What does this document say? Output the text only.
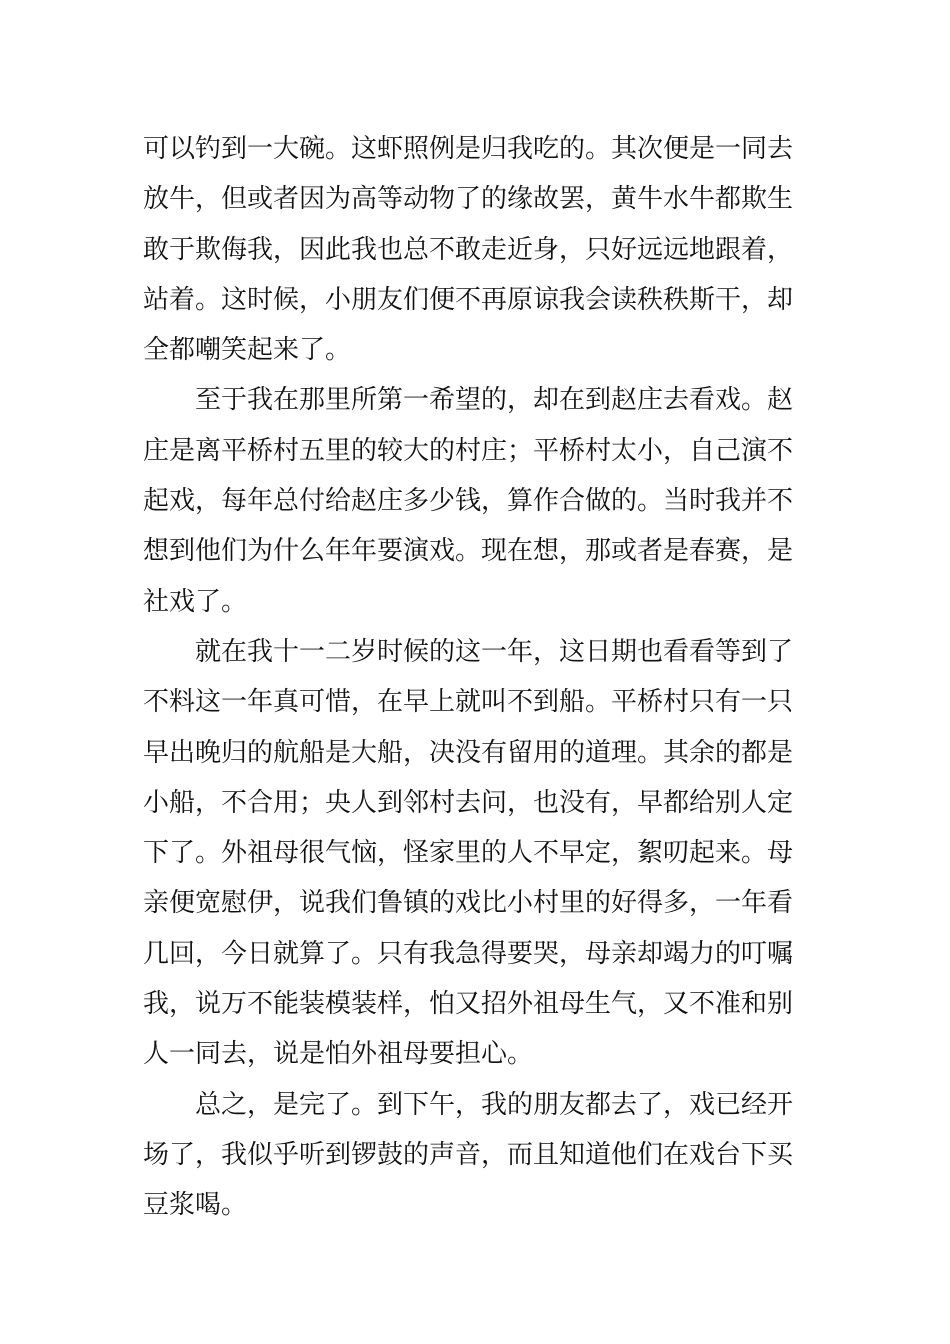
可以钓到一大碗。这虾照例是归我吃的。其次便是一同去
放牛，但或者因为高等动物了的缘故罢，黄牛水牛都欺生
敢于欺侮我，因此我也总不敢走近身，只好远远地跟着，
站着。这时候，小朋友们便不再原谅我会读秩秩斯干，却
全都嘲笑起来了。
至于我在那里所第一希望的，却在到赵庄去看戏。赵
庄是离平桥村五里的较大的村庄；平桥村太小，自己演不
起戏，每年总付给赵庄多少钱，算作合做的。当时我并不
想到他们为什么年年要演戏。现在想，那或者是春赛，是
社戏了。
就在我十一二岁时候的这一年，这日期也看看等到了
不料这一年真可惜，在早上就叫不到船。平桥村只有一只
早出晚归的航船是大船，决没有留用的道理。其余的都是
小船，不合用；央人到邻村去问，也没有，早都给别人定
下了。外祖母很气恼，怪家里的人不早定，絮叨起来。母
亲便宽慰伊，说我们鲁镇的戏比小村里的好得多，一年看
几回，今日就算了。只有我急得要哭，母亲却竭力的叮嘱
我，说万不能装模装样，怕又招外祖母生气，又不准和别
人一同去，说是怕外祖母要担心。
总之，是完了。到下午，我的朋友都去了，戏已经开
场了，我似乎听到锣鼓的声音，而且知道他们在戏台下买
豆浆喝。
